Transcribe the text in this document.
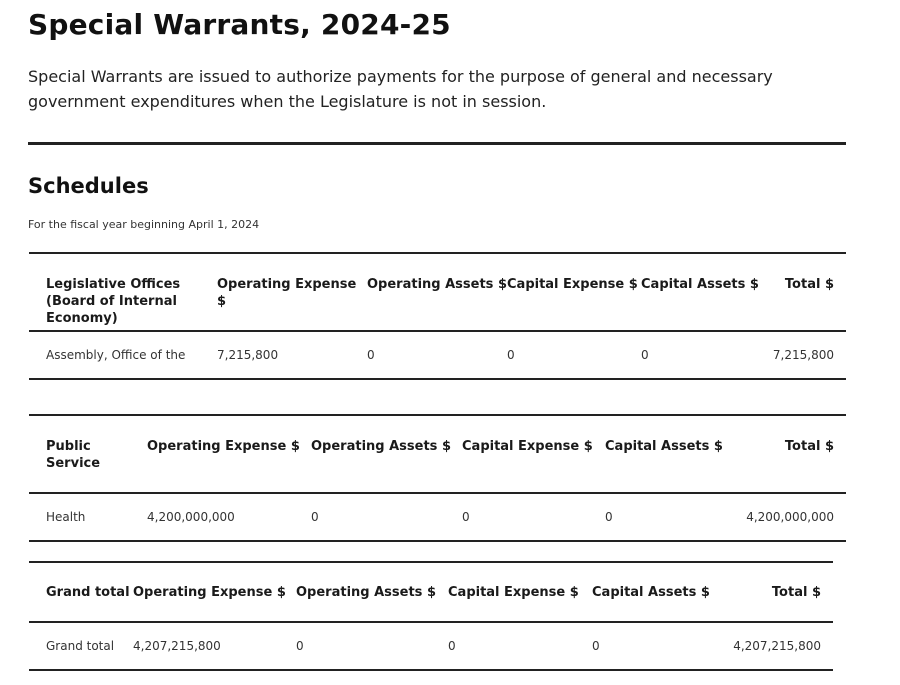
Special Warrants, 2024-25

Special Warrants are issued to authorize payments for the purpose of general and necessary government expenditures when the Legislature is not in session.

Schedules

For the fiscal year beginning April 1, 2024

Legislative Offices (Board of Internal Economy)	Operating Expense $	Operating Assets $	Capital Expense $	Capital Assets $	Total $
Assembly, Office of the	7,215,800	0	0	0	7,215,800
Public Service	Operating Expense $	Operating Assets $	Capital Expense $	Capital Assets $	Total $
Health	4,200,000,000	0	0	0	4,200,000,000
Grand total	Operating Expense $	Operating Assets $	Capital Expense $	Capital Assets $	Total $
Grand total	4,207,215,800	0	0	0	4,207,215,800
